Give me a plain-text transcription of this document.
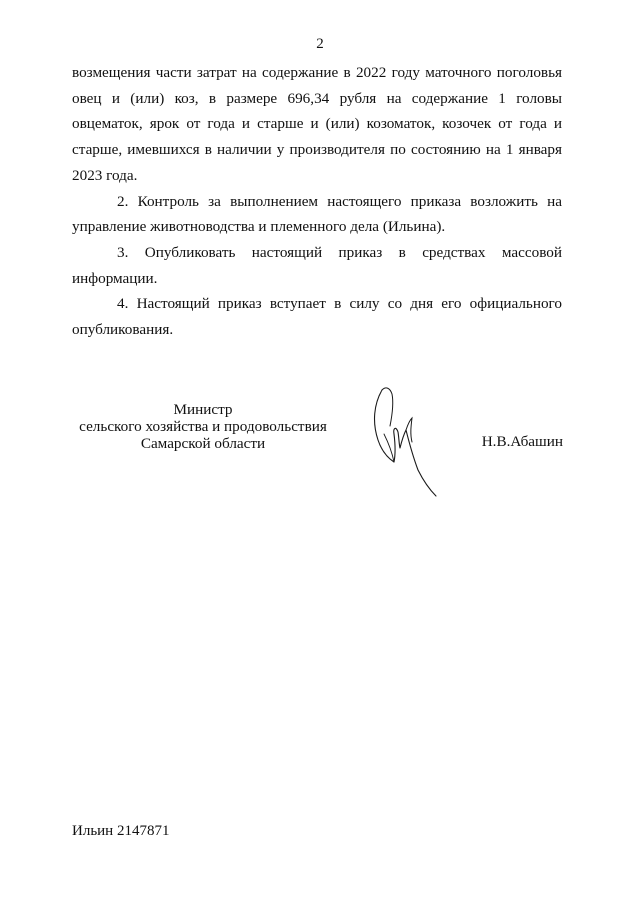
2

возмещения части затрат на содержание в 2022 году маточного поголовья овец и (или) коз, в размере 696,34 рубля на содержание 1 головы овцематок, ярок от года и старше и (или) козоматок, козочек от года и старше, имевшихся в наличии у производителя по состоянию на 1 января 2023 года.

2. Контроль за выполнением настоящего приказа возложить на управление животноводства и племенного дела (Ильина).

3. Опубликовать настоящий приказ в средствах массовой информации.

4. Настоящий приказ вступает в силу со дня его официального опубликования.

Министр
сельского хозяйства и продовольствия
Самарской области	Н.В.Абашин
Ильин 2147871
